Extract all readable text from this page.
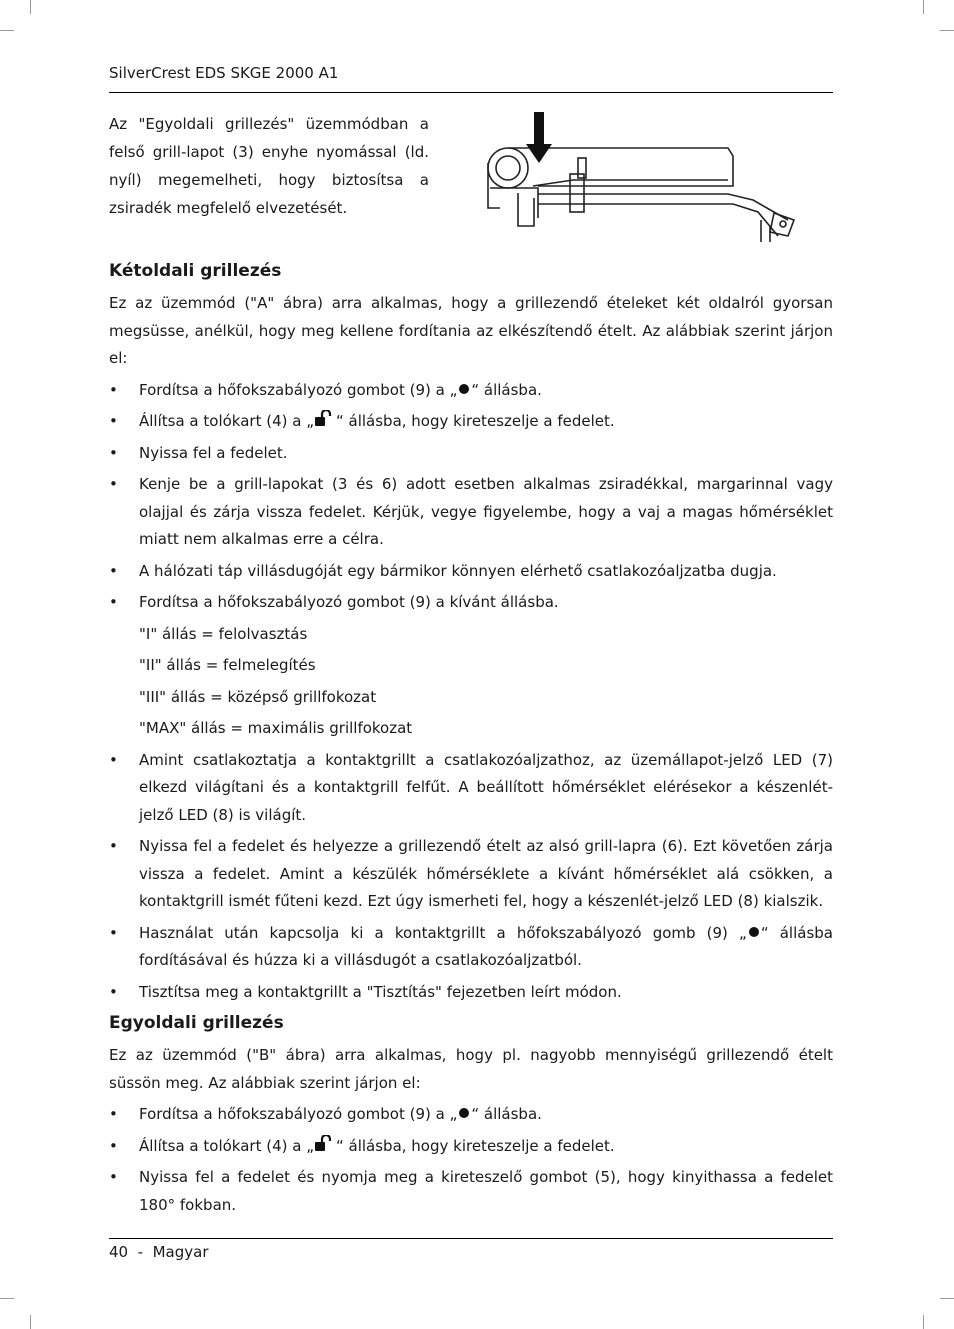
SilverCrest EDS SKGE 2000 A1
Az "Egyoldali grillezés" üzemmódban a felső grill-lapot (3) enyhe nyomással (ld. nyíl) megemelheti, hogy biztosítsa a zsiradék megfelelő elvezetését.
Kétoldali grillezés

Ez az üzemmód ("A" ábra) arra alkalmas, hogy a grillezendő ételeket két oldalról gyorsan megsüsse, anélkül, hogy meg kellene fordítania az elkészítendő ételt. Az alábbiak szerint járjon el:

• Fordítsa a hőfokszabályozó gombot (9) a „ “ állásba.
• Állítsa a tolókart (4) a „ “ állásba, hogy kireteszelje a fedelet.
• Nyissa fel a fedelet.
• Kenje be a grill-lapokat (3 és 6) adott esetben alkalmas zsiradékkal, margarinnal vagy olajjal és zárja vissza fedelet. Kérjük, vegye figyelembe, hogy a vaj a magas hőmérséklet miatt nem alkalmas erre a célra.
• A hálózati táp villásdugóját egy bármikor könnyen elérhető csatlakozóaljzatba dugja.
• Fordítsa a hőfokszabályozó gombot (9) a kívánt állásba.
"I" állás = felolvasztás
"II" állás = felmelegítés
"III" állás = középső grillfokozat
"MAX" állás = maximális grillfokozat
• Amint csatlakoztatja a kontaktgrillt a csatlakozóaljzathoz, az üzemállapot-jelző LED (7) elkezd világítani és a kontaktgrill felfűt. A beállított hőmérséklet elérésekor a készenlét-jelző LED (8) is világít.
• Nyissa fel a fedelet és helyezze a grillezendő ételt az alsó grill-lapra (6). Ezt követően zárja vissza a fedelet. Amint a készülék hőmérséklete a kívánt hőmérséklet alá csökken, a kontaktgrill ismét fűteni kezd. Ezt úgy ismerheti fel, hogy a készenlét-jelző LED (8) kialszik.
• Használat után kapcsolja ki a kontaktgrillt a hőfokszabályozó gomb (9) „ “ állásba fordításával és húzza ki a villásdugót a csatlakozóaljzatból.
• Tisztítsa meg a kontaktgrillt a "Tisztítás" fejezetben leírt módon.
Egyoldali grillezés

Ez az üzemmód ("B" ábra) arra alkalmas, hogy pl. nagyobb mennyiségű grillezendő ételt süssön meg. Az alábbiak szerint járjon el:

• Fordítsa a hőfokszabályozó gombot (9) a „ “ állásba.
• Állítsa a tolókart (4) a „ “ állásba, hogy kireteszelje a fedelet.
• Nyissa fel a fedelet és nyomja meg a kireteszelő gombot (5), hogy kinyithassa a fedelet 180° fokban.
40 - Magyar
